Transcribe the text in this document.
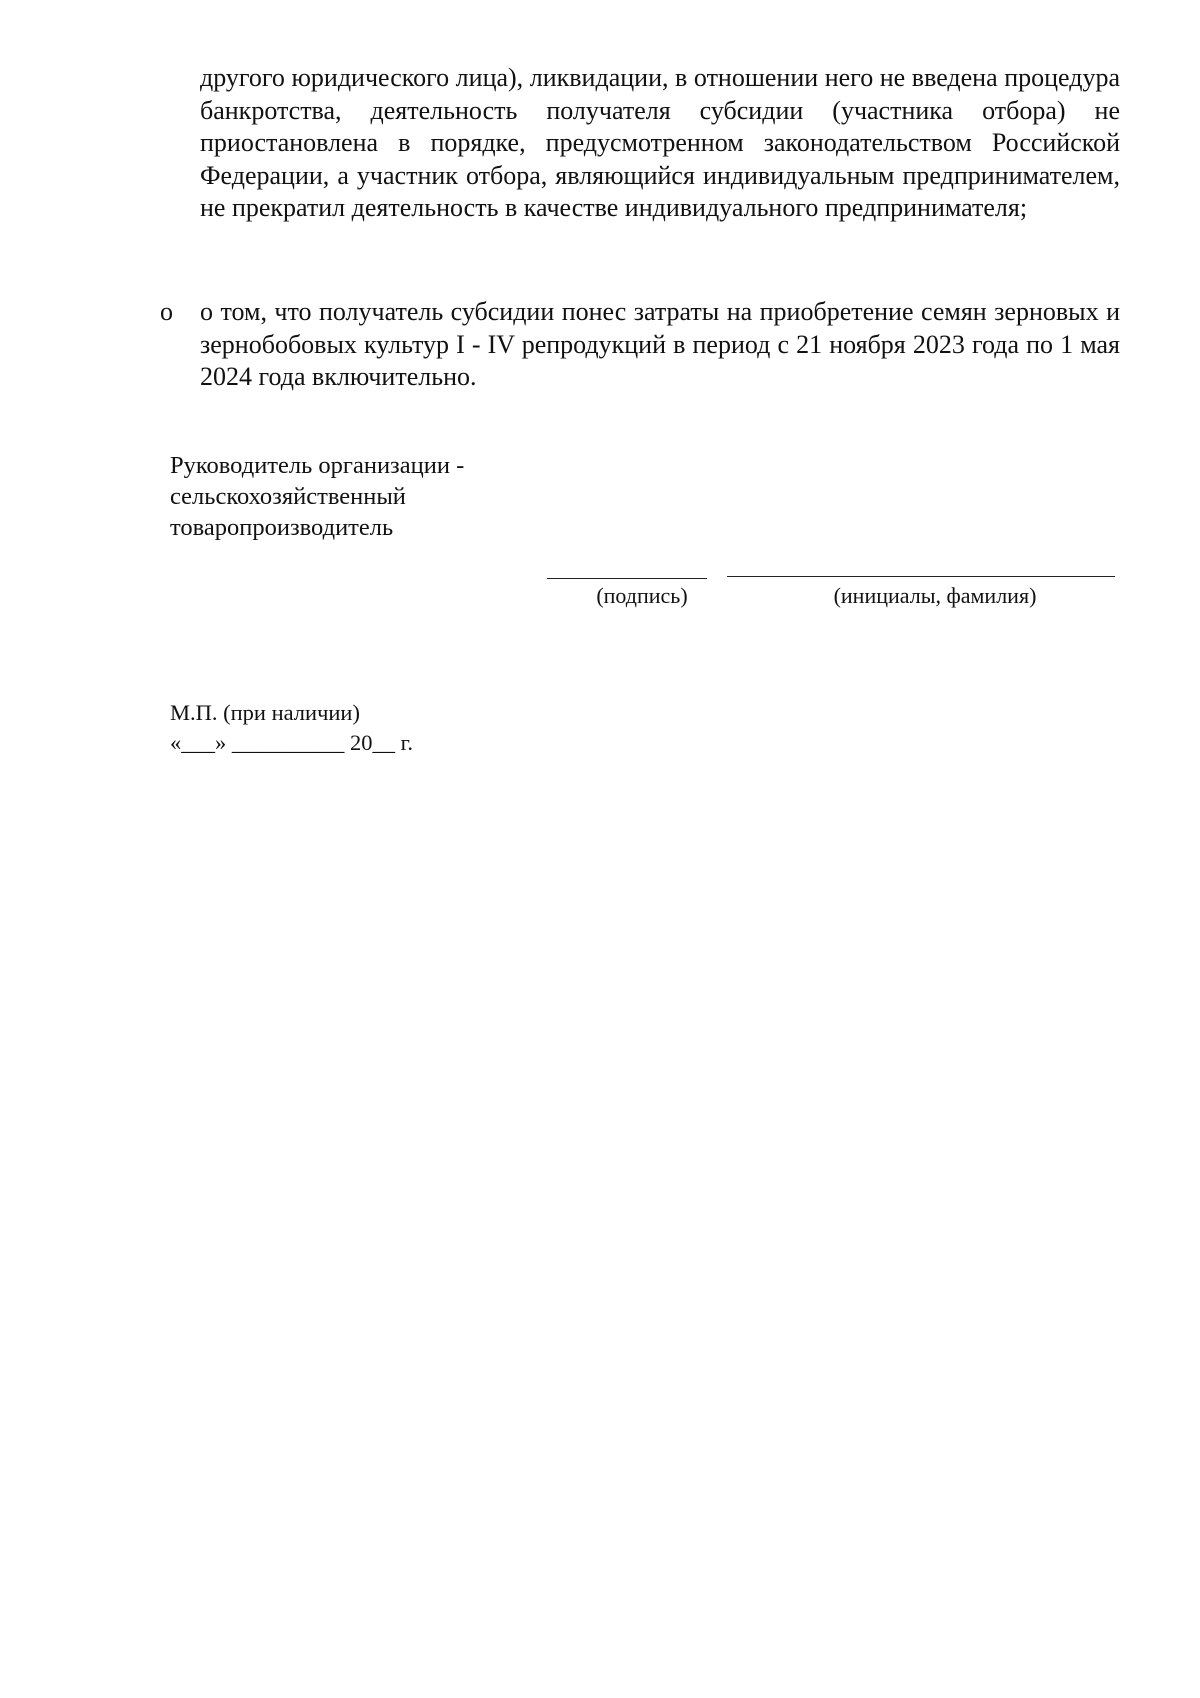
другого юридического лица), ликвидации, в отношении него не введена процедура банкротства, деятельность получателя субсидии (участника отбора) не приостановлена в порядке, предусмотренном законодательством Российской Федерации, а участник отбора, являющийся индивидуальным предпринимателем, не прекратил деятельность в качестве индивидуального предпринимателя;

o о том, что получатель субсидии понес затраты на приобретение семян зерновых и зернобобовых культур I - IV репродукций в период с 21 ноября 2023 года по 1 мая 2024 года включительно.

Руководитель организации -
сельскохозяйственный
товаропроизводитель
(подпись)	(инициалы, фамилия)

М.П. (при наличии)

«___» __________ 20__ г.
